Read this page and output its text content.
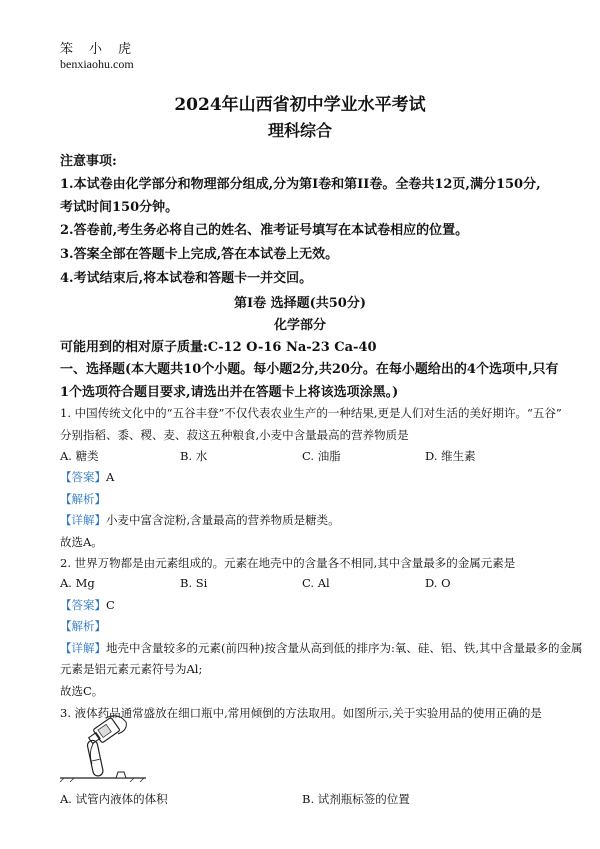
笨小虎
benxiaohu.com
2024年山西省初中学业水平考试
理科综合
注意事项:
1.本试卷由化学部分和物理部分组成,分为第I卷和第II卷。全卷共12页,满分150分,
考试时间150分钟。
2.答卷前,考生务必将自己的姓名、准考证号填写在本试卷相应的位置。
3.答案全部在答题卡上完成,答在本试卷上无效。
4.考试结束后,将本试卷和答题卡一并交回。
第I卷 选择题(共50分)
化学部分
可能用到的相对原子质量:C-12 O-16 Na-23 Ca-40
一、选择题(本大题共10个小题。每小题2分,共20分。在每小题给出的4个选项中,只有
1个选项符合题目要求,请选出并在答题卡上将该选项涂黑。)
1. 中国传统文化中的“五谷丰登”不仅代表农业生产的一种结果,更是人们对生活的美好期许。“五谷”
分别指稻、黍、稷、麦、菽这五种粮食,小麦中含量最高的营养物质是
A. 糖类	B. 水	C. 油脂	D. 维生素
【答案】A
【解析】
【详解】小麦中富含淀粉,含量最高的营养物质是糖类。
故选A。
2. 世界万物都是由元素组成的。元素在地壳中的含量各不相同,其中含量最多的金属元素是
A. Mg	B. Si	C. Al	D. O
【答案】C
【解析】
【详解】地壳中含量较多的元素(前四种)按含量从高到低的排序为:氧、硅、铝、铁,其中含量最多的金属
元素是铝元素元素符号为Al;
故选C。
3. 液体药品通常盛放在细口瓶中,常用倾倒的方法取用。如图所示,关于实验用品的使用正确的是
A. 试管内液体的体积	B. 试剂瓶标签的位置
